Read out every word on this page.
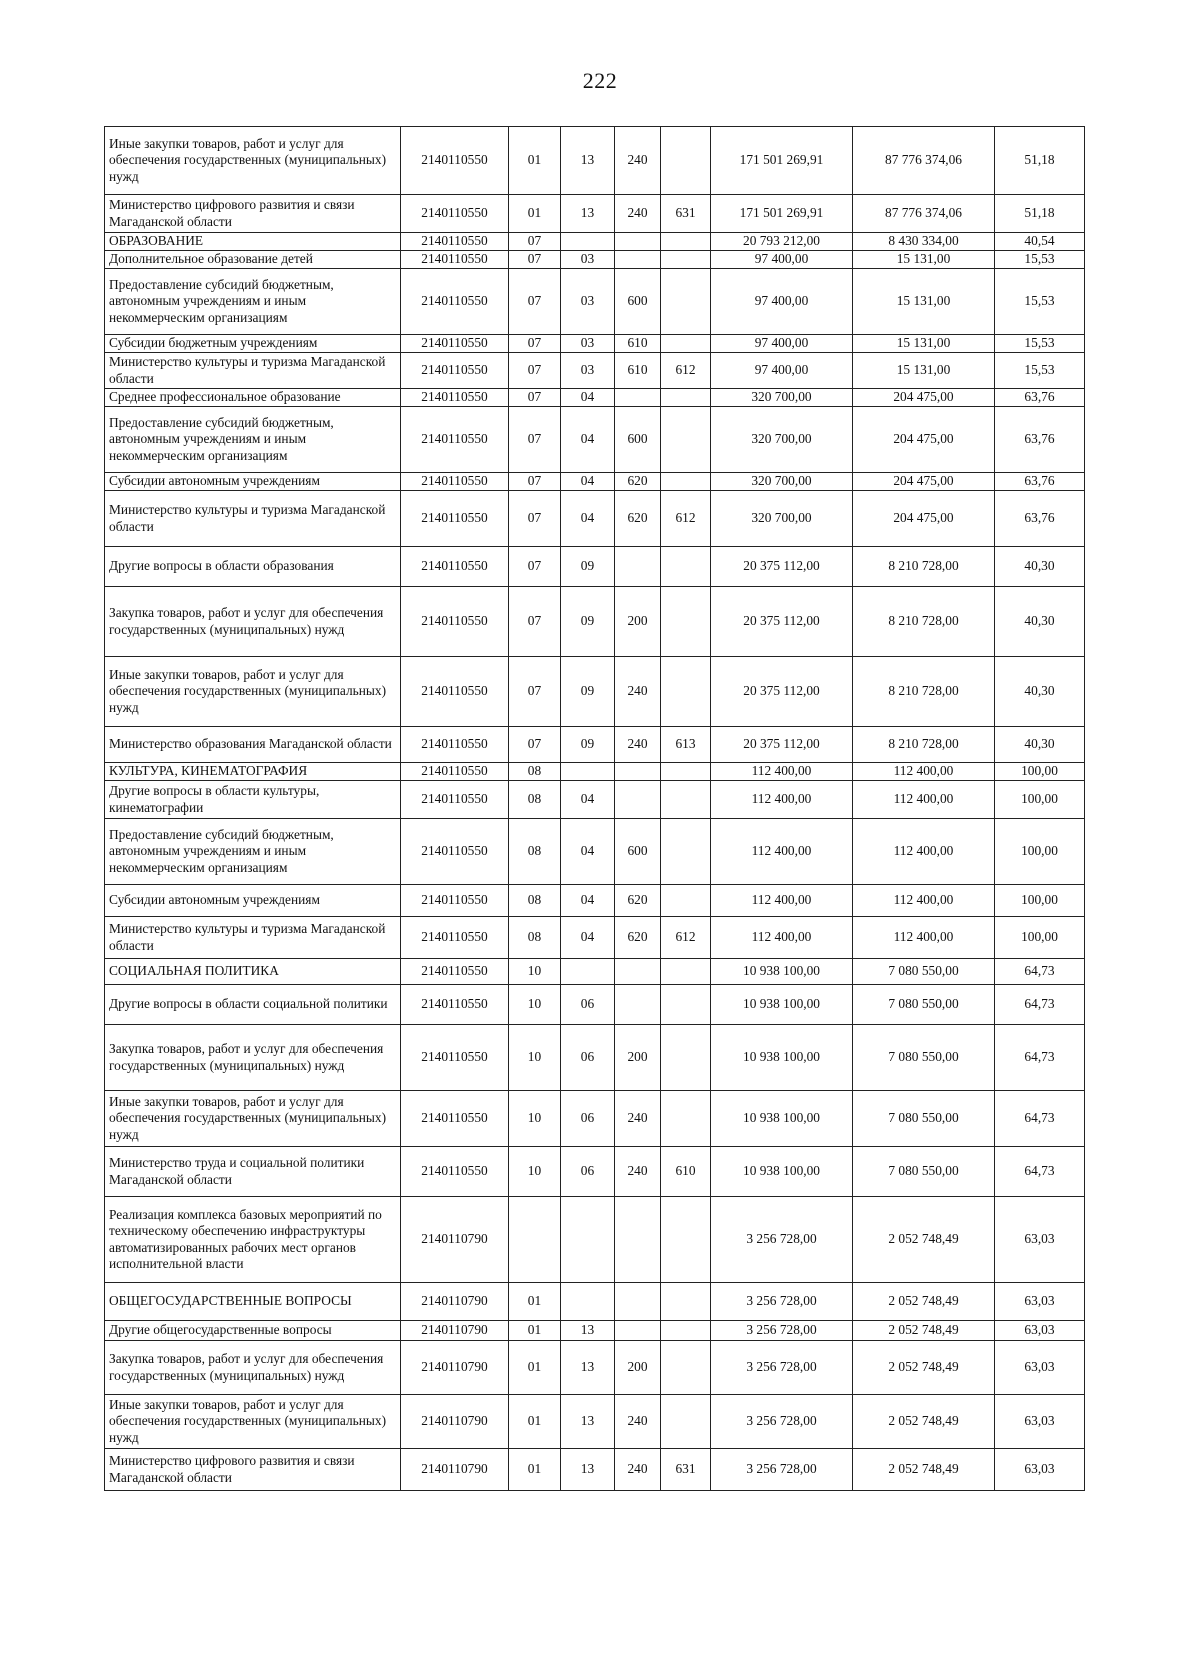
222
Иные закупки товаров, работ и услуг для обеспечения государственных (муниципальных) нужд	2140110550	01	13	240		171 501 269,91	87 776 374,06	51,18
Министерство цифрового развития и связи Магаданской области	2140110550	01	13	240	631	171 501 269,91	87 776 374,06	51,18
ОБРАЗОВАНИЕ	2140110550	07				20 793 212,00	8 430 334,00	40,54
Дополнительное образование детей	2140110550	07	03			97 400,00	15 131,00	15,53
Предоставление субсидий бюджетным, автономным учреждениям и иным некоммерческим организациям	2140110550	07	03	600		97 400,00	15 131,00	15,53
Субсидии бюджетным учреждениям	2140110550	07	03	610		97 400,00	15 131,00	15,53
Министерство культуры и туризма Магаданской области	2140110550	07	03	610	612	97 400,00	15 131,00	15,53
Среднее профессиональное образование	2140110550	07	04			320 700,00	204 475,00	63,76
Предоставление субсидий бюджетным, автономным учреждениям и иным некоммерческим организациям	2140110550	07	04	600		320 700,00	204 475,00	63,76
Субсидии автономным учреждениям	2140110550	07	04	620		320 700,00	204 475,00	63,76
Министерство культуры и туризма Магаданской области	2140110550	07	04	620	612	320 700,00	204 475,00	63,76
Другие вопросы в области образования	2140110550	07	09			20 375 112,00	8 210 728,00	40,30
Закупка товаров, работ и услуг для обеспечения государственных (муниципальных) нужд	2140110550	07	09	200		20 375 112,00	8 210 728,00	40,30
Иные закупки товаров, работ и услуг для обеспечения государственных (муниципальных) нужд	2140110550	07	09	240		20 375 112,00	8 210 728,00	40,30
Министерство образования Магаданской области	2140110550	07	09	240	613	20 375 112,00	8 210 728,00	40,30
КУЛЬТУРА, КИНЕМАТОГРАФИЯ	2140110550	08				112 400,00	112 400,00	100,00
Другие вопросы в области культуры, кинематографии	2140110550	08	04			112 400,00	112 400,00	100,00
Предоставление субсидий бюджетным, автономным учреждениям и иным некоммерческим организациям	2140110550	08	04	600		112 400,00	112 400,00	100,00
Субсидии автономным учреждениям	2140110550	08	04	620		112 400,00	112 400,00	100,00
Министерство культуры и туризма Магаданской области	2140110550	08	04	620	612	112 400,00	112 400,00	100,00
СОЦИАЛЬНАЯ ПОЛИТИКА	2140110550	10				10 938 100,00	7 080 550,00	64,73
Другие вопросы в области социальной политики	2140110550	10	06			10 938 100,00	7 080 550,00	64,73
Закупка товаров, работ и услуг для обеспечения государственных (муниципальных) нужд	2140110550	10	06	200		10 938 100,00	7 080 550,00	64,73
Иные закупки товаров, работ и услуг для обеспечения государственных (муниципальных) нужд	2140110550	10	06	240		10 938 100,00	7 080 550,00	64,73
Министерство труда и социальной политики Магаданской области	2140110550	10	06	240	610	10 938 100,00	7 080 550,00	64,73
Реализация комплекса базовых мероприятий по техническому обеспечению инфраструктуры автоматизированных рабочих мест органов исполнительной власти	2140110790					3 256 728,00	2 052 748,49	63,03
ОБЩЕГОСУДАРСТВЕННЫЕ ВОПРОСЫ	2140110790	01				3 256 728,00	2 052 748,49	63,03
Другие общегосударственные вопросы	2140110790	01	13			3 256 728,00	2 052 748,49	63,03
Закупка товаров, работ и услуг для обеспечения государственных (муниципальных) нужд	2140110790	01	13	200		3 256 728,00	2 052 748,49	63,03
Иные закупки товаров, работ и услуг для обеспечения государственных (муниципальных) нужд	2140110790	01	13	240		3 256 728,00	2 052 748,49	63,03
Министерство цифрового развития и связи Магаданской области	2140110790	01	13	240	631	3 256 728,00	2 052 748,49	63,03
